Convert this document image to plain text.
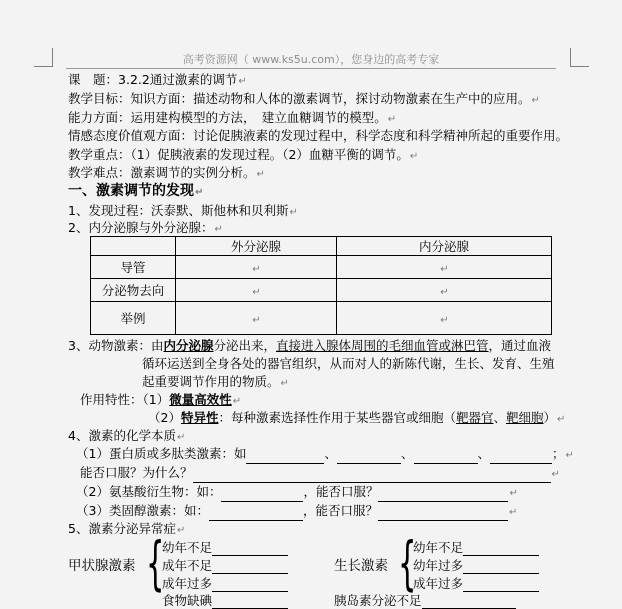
高考资源网（ www.ks5u.com），您身边的高考专家
课　题：3.2.2通过激素的调节↵
教学目标：知识方面：描述动物和人体的激素调节，探讨动物激素在生产中的应用。↵
能力方面：运用建构模型的方法，　建立血糖调节的模型。↵
情感态度价值观方面：讨论促胰液素的发现过程中，科学态度和科学精神所起的重要作用。
教学重点：（1）促胰液素的发现过程。（2）血糖平衡的调节。↵
教学难点：激素调节的实例分析。↵
一、激素调节的发现↵
1、发现过程：沃泰默、斯他林和贝利斯↵
2、内分泌腺与外分泌腺：↵
	外分泌腺	内分泌腺
导管	↵	↵
分泌物去向	↵	↵
举例	↵	↵
3、动物激素：由内分泌腺分泌出来，直接进入腺体周围的毛细血管或淋巴管，通过血液
循环运送到全身各处的器官组织，从而对人的新陈代谢，生长、发育、生殖
起重要调节作用的物质。↵
作用特性：（1）微量高效性↵
（2）特异性：每种激素选择性作用于某些器官或细胞（靶器官、靶细胞）↵
4、激素的化学本质↵
（1）蛋白质或多肽类激素：如	、	、	、	；↵
能否口服？为什么？	↵
（2）氨基酸衍生物：如：	，能否口服？	↵
（3）类固醇激素：如：	，能否口服？	↵
5、激素分泌异常症↵
甲状腺激素 {
幼年不足
成年不足
成年过多
食物缺碘
生长激素 {
幼年不足
幼年过多
成年过多
胰岛素分泌不足
